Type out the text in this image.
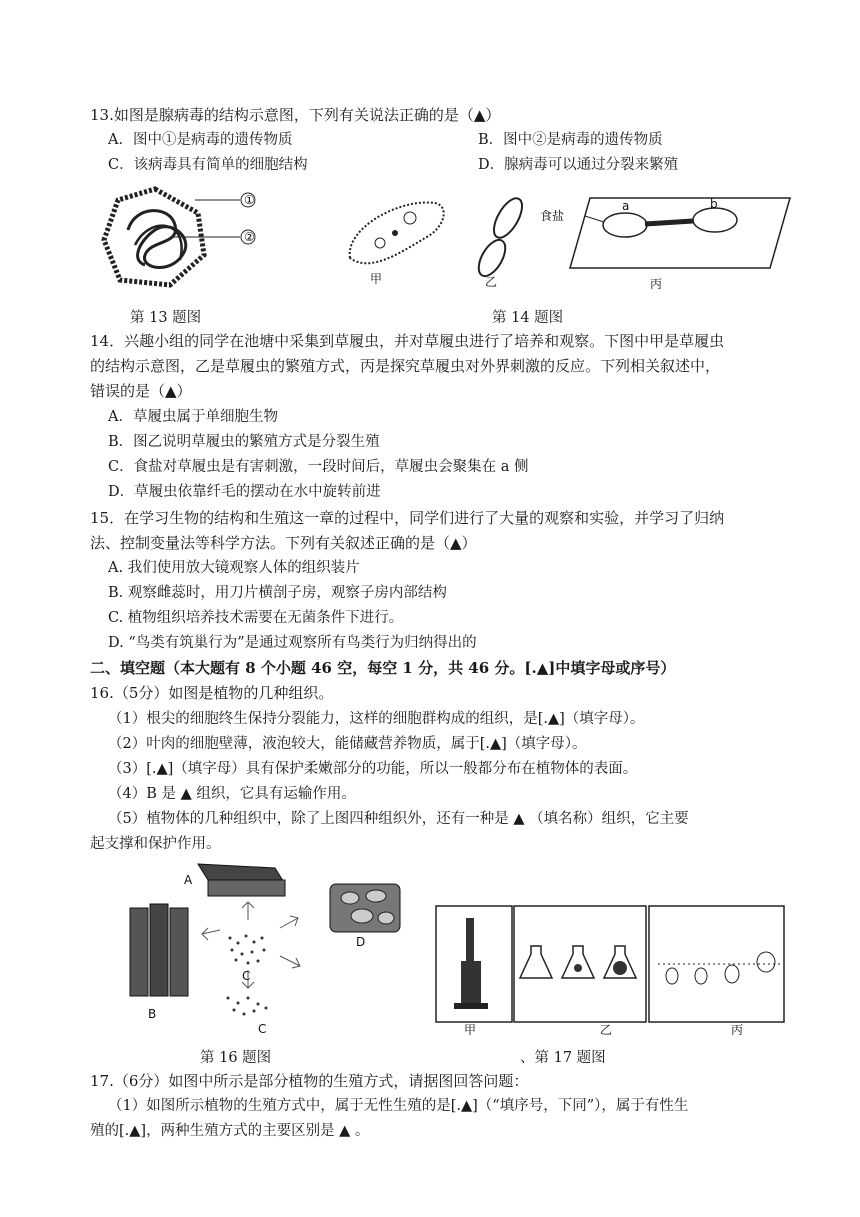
13.如图是腺病毒的结构示意图，下列有关说法正确的是（▲）
A．图中①是病毒的遗传物质	B．图中②是病毒的遗传物质
C．该病毒具有简单的细胞结构	D．腺病毒可以通过分裂来繁殖
①
②
第 13 题图
甲	乙
食盐
a	b
丙
第 14 题图
14．兴趣小组的同学在池塘中采集到草履虫，并对草履虫进行了培养和观察。下图中甲是草履虫
的结构示意图，乙是草履虫的繁殖方式，丙是探究草履虫对外界刺激的反应。下列相关叙述中，
错误的是（▲）
A．草履虫属于单细胞生物
B．图乙说明草履虫的繁殖方式是分裂生殖
C．食盐对草履虫是有害刺激，一段时间后，草履虫会聚集在 a 侧
D．草履虫依靠纤毛的摆动在水中旋转前进
15．在学习生物的结构和生殖这一章的过程中，同学们进行了大量的观察和实验，并学习了归纳
法、控制变量法等科学方法。下列有关叙述正确的是（▲）
A. 我们使用放大镜观察人体的组织装片
B. 观察雌蕊时，用刀片横剖子房，观察子房内部结构
C. 植物组织培养技术需要在无菌条件下进行。
D. “鸟类有筑巢行为”是通过观察所有鸟类行为归纳得出的
二、填空题（本大题有 8 个小题 46 空，每空 1 分，共 46 分。[.▲]中填字母或序号）
16.（5分）如图是植物的几种组织。
（1）根尖的细胞终生保持分裂能力，这样的细胞群构成的组织，是[.▲]（填字母）。
（2）叶肉的细胞壁薄，液泡较大，能储藏营养物质，属于[.▲]（填字母）。
（3）[.▲]（填字母）具有保护柔嫩部分的功能，所以一般都分布在植物体的表面。
（4）B 是 ▲ 组织，它具有运输作用。
（5）植物体的几种组织中，除了上图四种组织外，还有一种是 ▲ （填名称）组织，它主要
起支撑和保护作用。
A
B
C
C
D
第 16 题图
甲	乙	丙
、第 17 题图
17.（6分）如图中所示是部分植物的生殖方式，请据图回答问题：
（1）如图所示植物的生殖方式中，属于无性生殖的是[.▲]（“填序号，下同”），属于有性生
殖的[.▲]，两种生殖方式的主要区别是 ▲ 。
